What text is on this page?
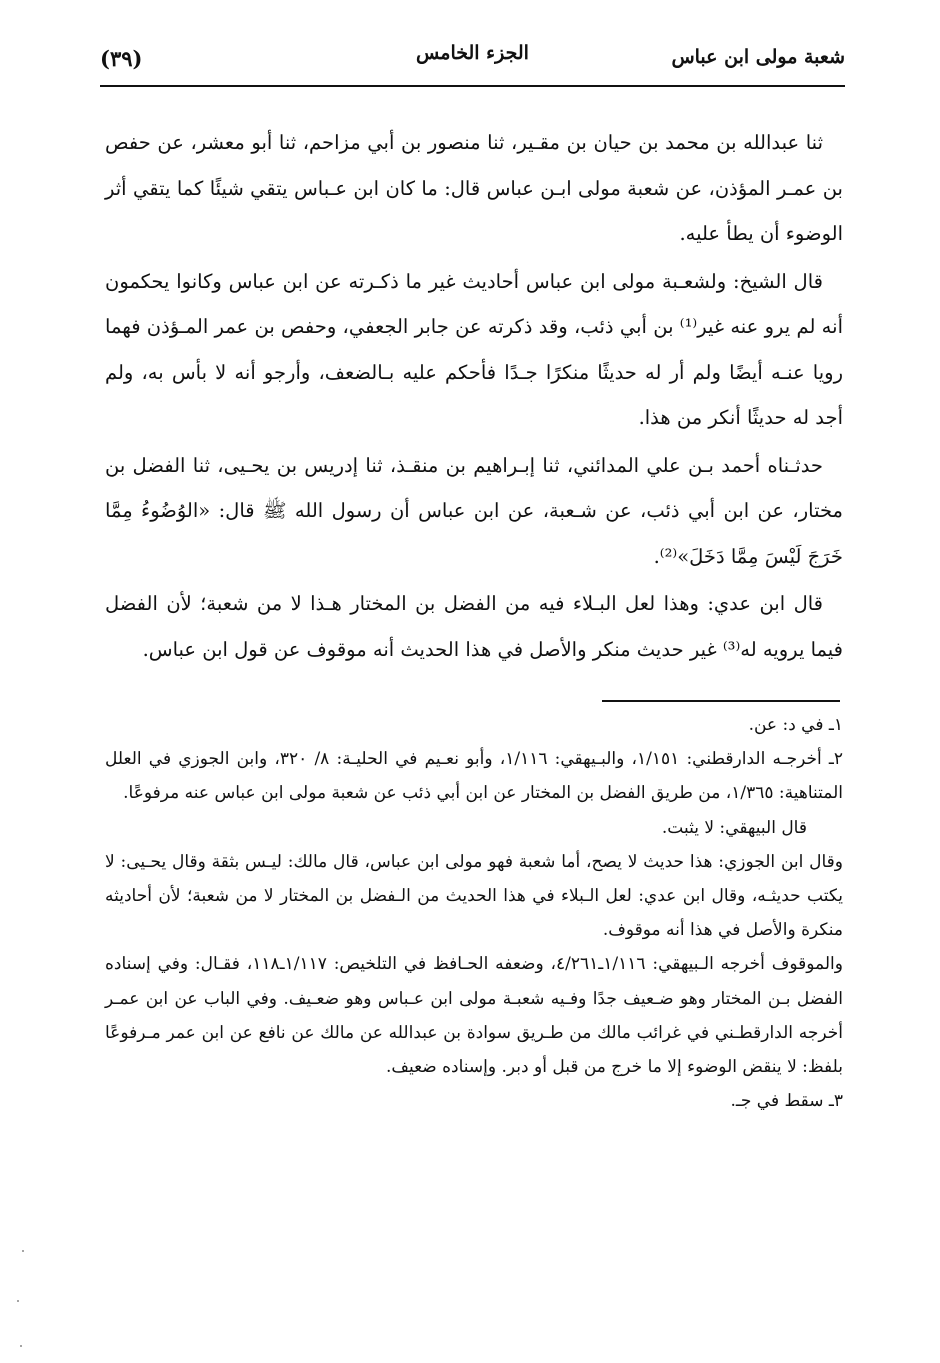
شعبة مولى ابن عباس
الجزء الخامس
(٣٩)

ثنا عبدالله بن محمد بن حيان بن مقـير، ثنا منصور بن أبي مزاحم، ثنا أبو معشر، عن حفص بن عمـر المؤذن، عن شعبة مولى ابـن عباس قال: ما كان ابن عـباس يتقي شيئًا كما يتقي أثر الوضوء أن يطأ عليه.

قال الشيخ: ولشعـبة مولى ابن عباس أحاديث غير ما ذكـرته عن ابن عباس وكانوا يحكمون أنه لم يرو عنه غير⁽¹⁾ بن أبي ذئب، وقد ذكرته عن جابر الجعفي، وحفص بن عمر المـؤذن فهما رويا عنـه أيضًا ولم أر له حديثًا منكرًا جـدًا فأحكم عليه بـالضعف، وأرجو أنه لا بأس به، ولم أجد له حديثًا أنكر من هذا.

حدثـناه أحمد بـن علي المدائني، ثنا إبـراهيم بن منقـذ، ثنا إدريس بن يحـيى، ثنا الفضل بن مختار، عن ابن أبي ذئب، عن شـعبة، عن ابن عباس أن رسول الله ﷺ قال: «الوُضُوءُ مِمَّا خَرَجَ لَيْسَ مِمَّا دَخَلَ»⁽²⁾.

قال ابن عدي: وهذا لعل البـلاء فيه من الفضل بن المختار هـذا لا من شعبة؛ لأن الفضل فيما يرويه له⁽³⁾ غير حديث منكر والأصل في هذا الحديث أنه موقوف عن قول ابن عباس.

١ـ في د: عن.

٢ـ أخرجـه الدارقطني: ١/١٥١، والبـيهقي: ١/١١٦، وأبو نعـيم في الحليـة: ٨/ ٣٢٠، وابن الجوزي في العلل المتناهية: ١/٣٦٥، من طريق الفضل بن المختار عن ابن أبي ذئب عن شعبة مولى ابن عباس عنه مرفوعًا.

قال البيهقي: لا يثبت.

وقال ابن الجوزي: هذا حديث لا يصح، أما شعبة فهو مولى ابن عباس، قال مالك: ليـس بثقة وقال يحـيى: لا يكتب حديثـه، وقال ابن عدي: لعل الـبلاء في هذا الحديث من الـفضل بن المختار لا من شعبة؛ لأن أحاديثه منكرة والأصل في هذا أنه موقوف.

والموقوف أخرجه الـبيهقي: ١/١١٦ـ٤/٢٦١، وضعفه الحـافظ في التلخيص: ١/١١٧ـ١١٨، فقـال: وفي إسناده الفضل بـن المختار وهو ضـعيف جدًا وفـيه شعبـة مولى ابن عـباس وهو ضعـيف. وفي الباب عن ابن عمـر أخرجه الدارقطـني في غرائب مالك من طـريق سوادة بن عبدالله عن مالك عن نافع عن ابن عمر مـرفوعًا بلفظ: لا ينقض الوضوء إلا ما خرج من قبل أو دبر. وإسناده ضعيف.

٣ـ سقط في جـ.
